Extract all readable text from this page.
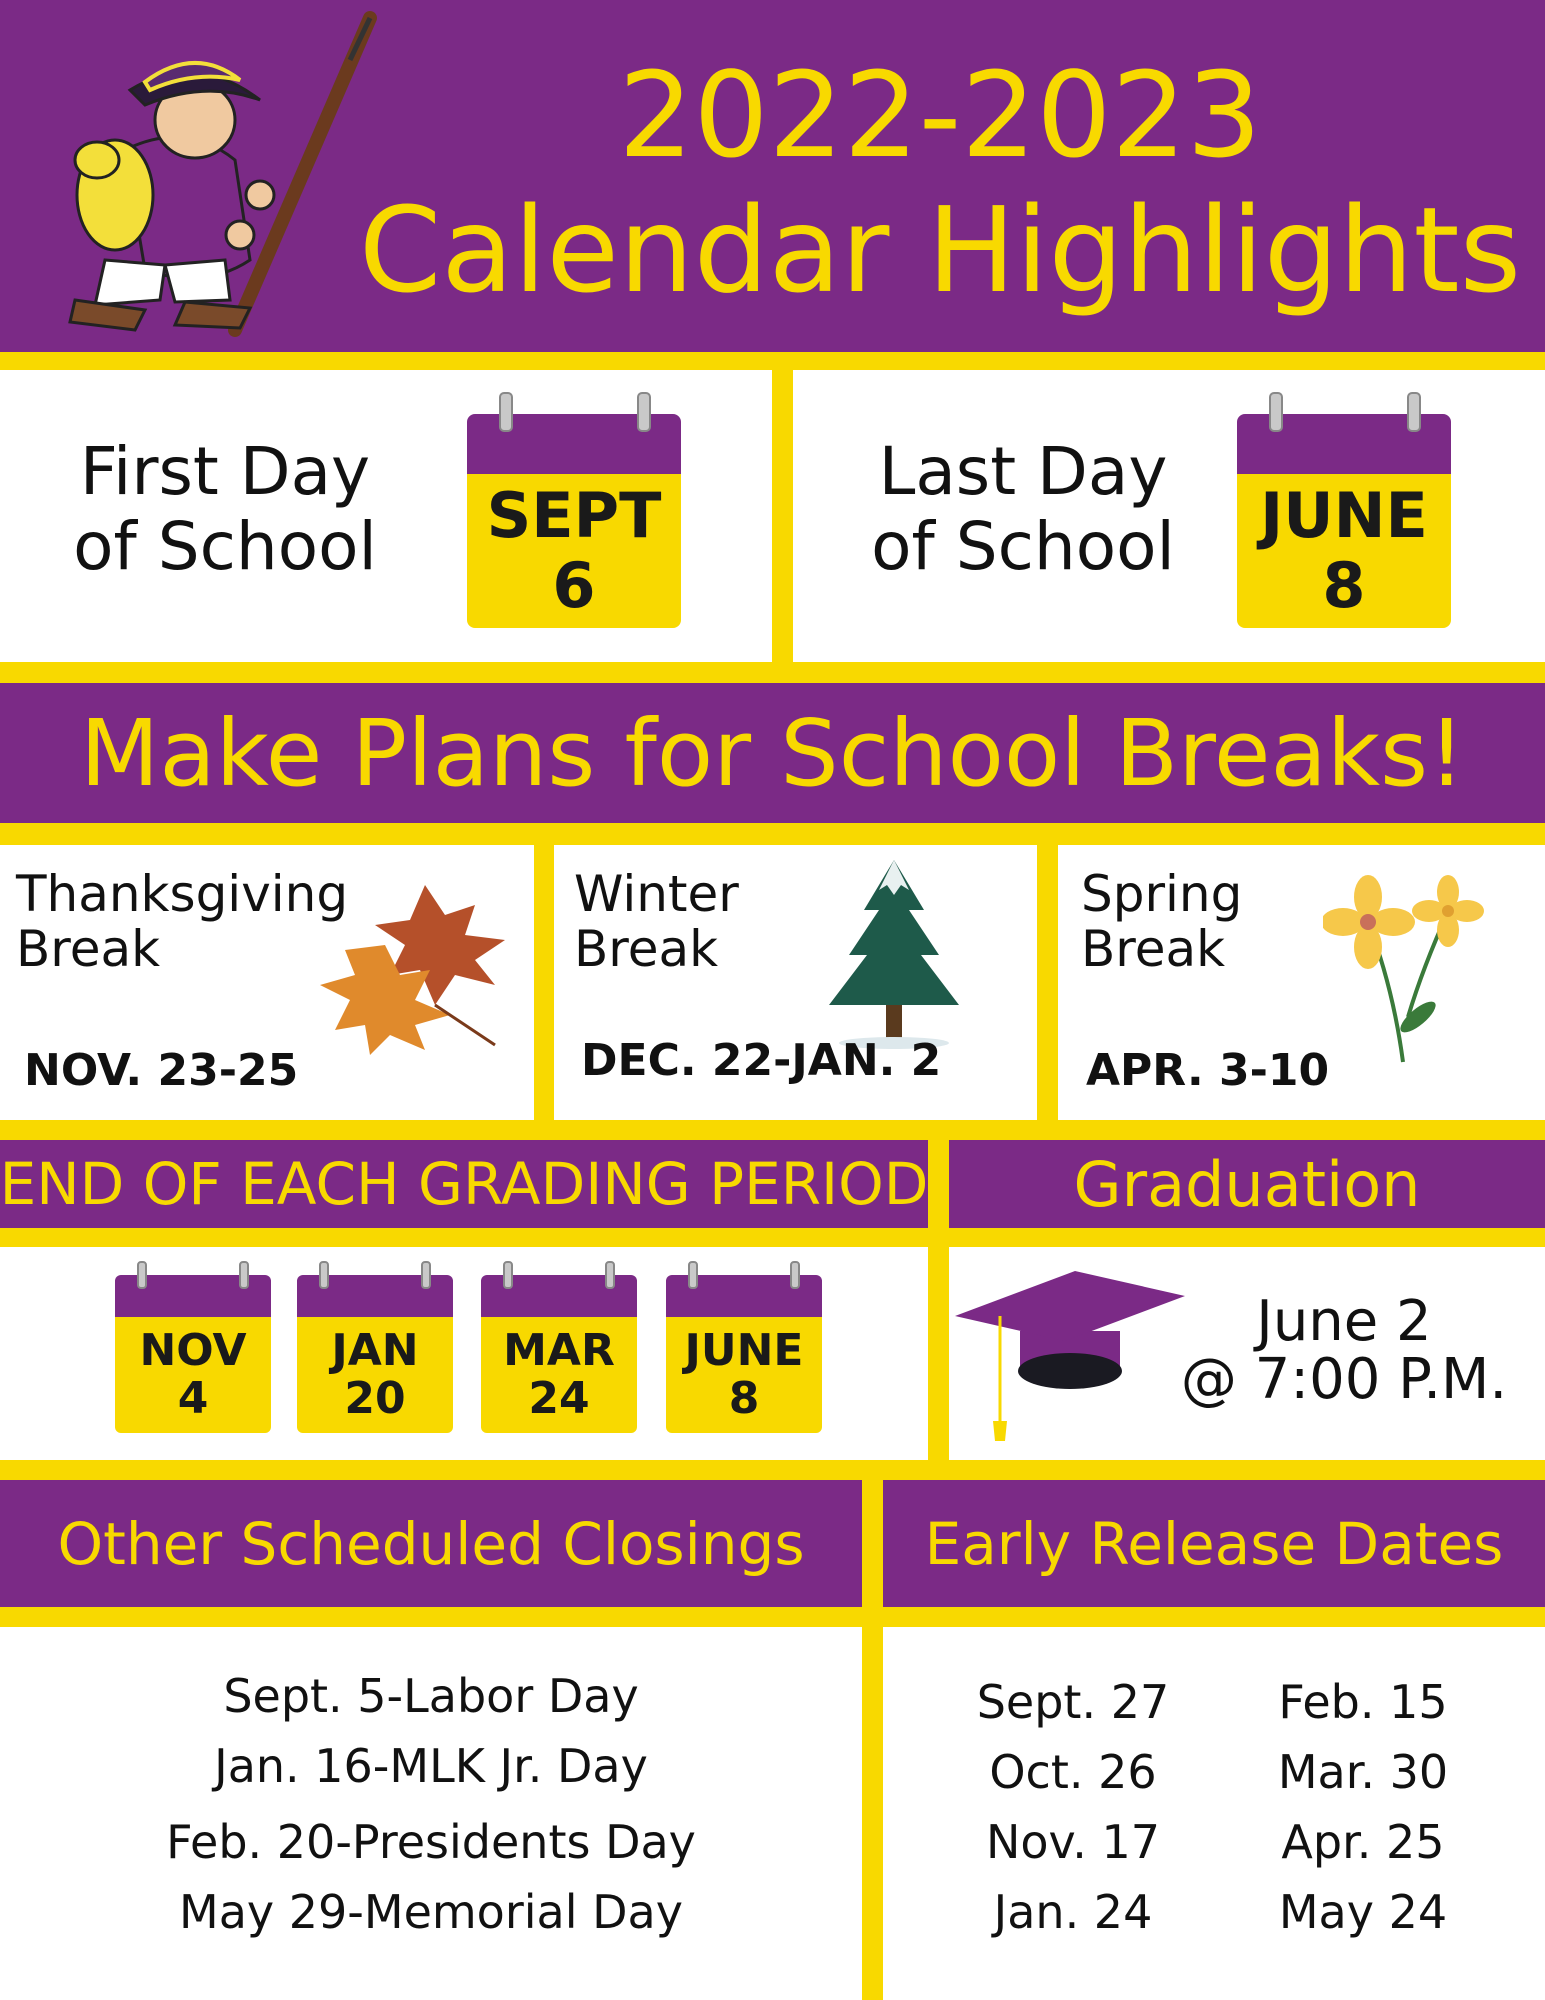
2022-2023
Calendar Highlights
First Day
of School	SEPT
6
Last Day
of School	JUNE
8
Make Plans for School Breaks!
Thanksgiving
Break
NOV. 23-25
Winter
Break
DEC. 22-JAN. 2
Spring
Break
APR. 3-10
END OF EACH GRADING PERIOD Graduation
NOV
4
JAN
20
MAR
24
JUNE
8
June 2
@ 7:00 P.M.
Other Scheduled Closings Early Release Dates
Sept. 5-Labor Day
Jan. 16-MLK Jr. Day
Feb. 20-Presidents Day
May 29-Memorial Day
Sept. 27
Oct. 26
Nov. 17
Jan. 24
Feb. 15
Mar. 30
Apr. 25
May 24
